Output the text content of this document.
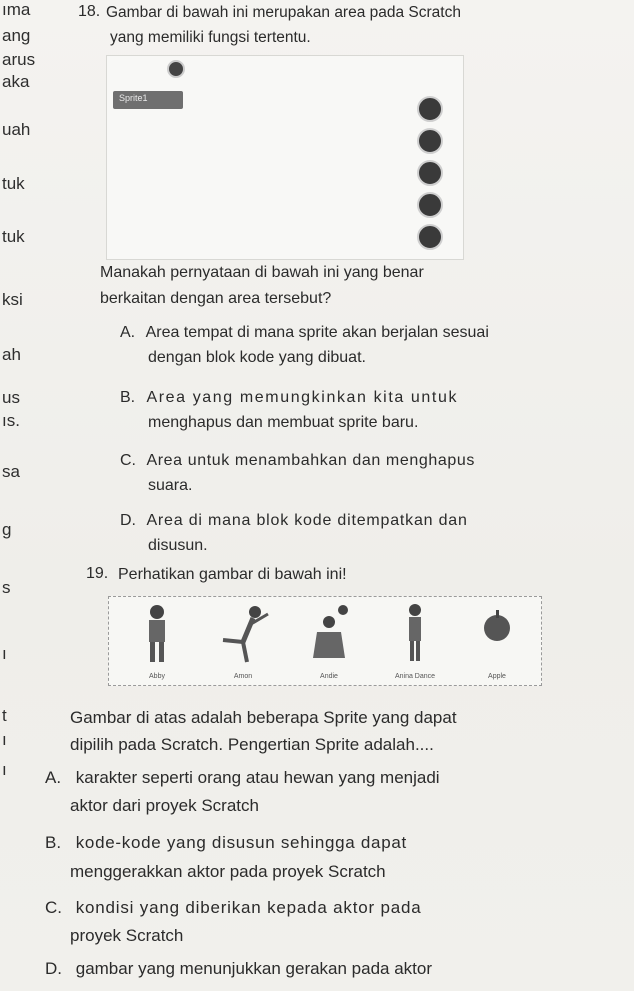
ıma
ang
arus
aka
uah
tuk
tuk
ksi
ah
us
ıs.
sa
g
s
ı
t
ı
ı
18. Gambar di bawah ini merupakan area pada Scratch
yang memiliki fungsi tertentu.
Sprite1
Manakah pernyataan di bawah ini yang benar
berkaitan dengan area tersebut?
A. Area tempat di mana sprite akan berjalan sesuai
dengan blok kode yang dibuat.
B. Area yang memungkinkan kita untuk
menghapus dan membuat sprite baru.
C. Area untuk menambahkan dan menghapus
suara.
D. Area di mana blok kode ditempatkan dan
disusun.
19. Perhatikan gambar di bawah ini!
Abby	Amon	Andie	Anina Dance	Apple
Gambar di atas adalah beberapa Sprite yang dapat
dipilih pada Scratch. Pengertian Sprite adalah....
A. karakter seperti orang atau hewan yang menjadi
aktor dari proyek Scratch
B. kode-kode yang disusun sehingga dapat
menggerakkan aktor pada proyek Scratch
C. kondisi yang diberikan kepada aktor pada
proyek Scratch
D. gambar yang menunjukkan gerakan pada aktor
